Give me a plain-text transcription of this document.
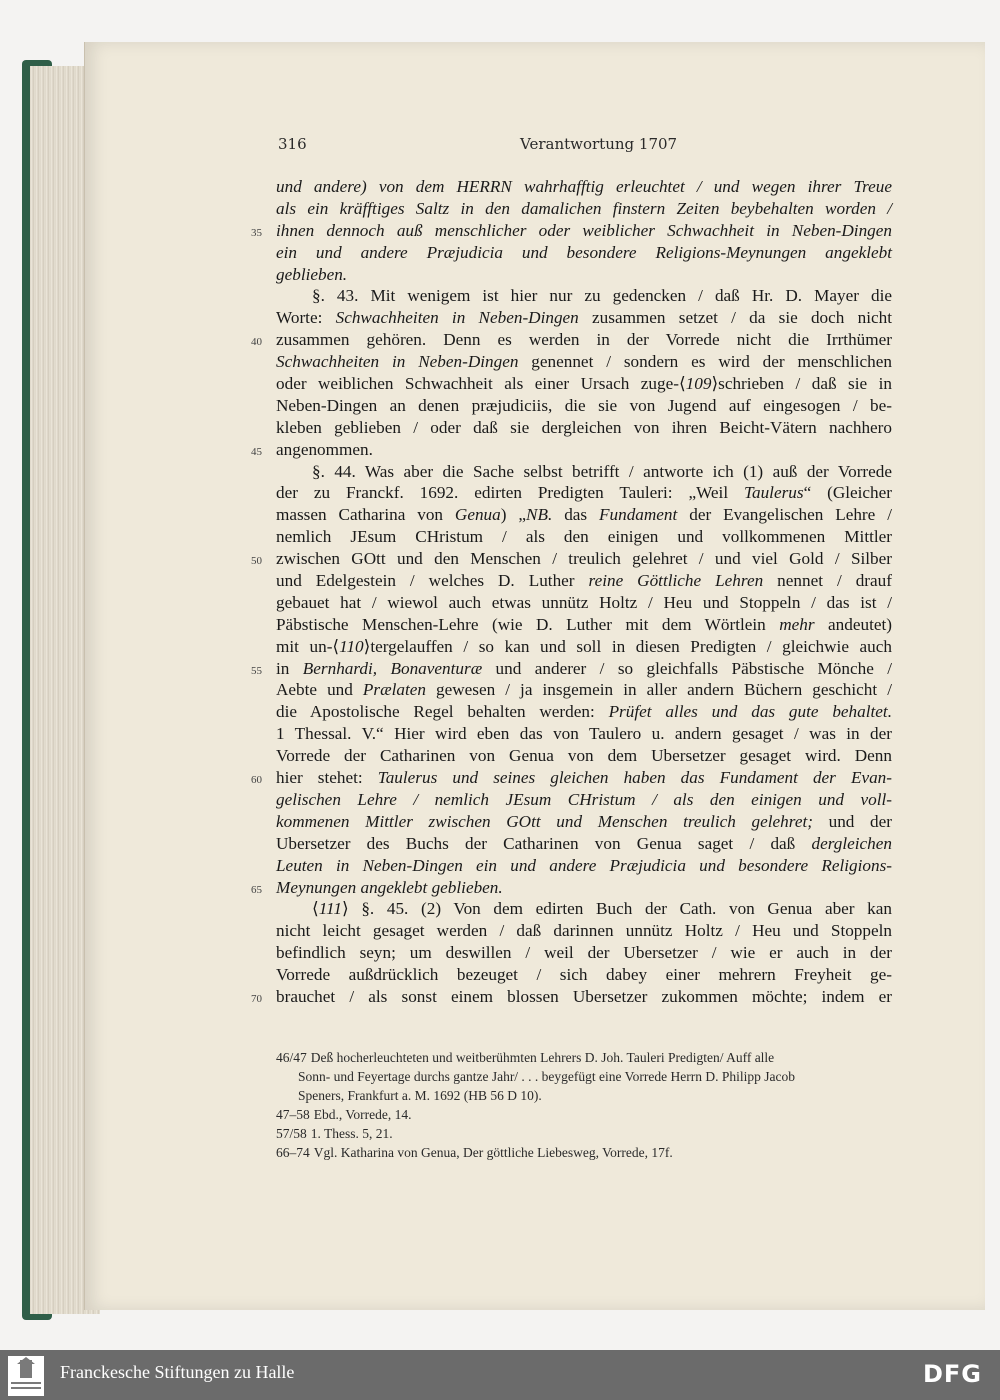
316	Verantwortung 1707
und andere) von dem HERRN wahrhafftig erleuchtet / und wegen ihrer Treue
als ein kräfftiges Saltz in den damalichen finstern Zeiten beybehalten worden /
35 ihnen dennoch auß menschlicher oder weiblicher Schwachheit in Neben-Dingen
ein und andere Præjudicia und besondere Religions-Meynungen angeklebt
geblieben.
§. 43. Mit wenigem ist hier nur zu gedencken / daß Hr. D. Mayer die
Worte: Schwachheiten in Neben-Dingen zusammen setzet / da sie doch nicht
40 zusammen gehören. Denn es werden in der Vorrede nicht die Irrthümer
Schwachheiten in Neben-Dingen genennet / sondern es wird der menschlichen
oder weiblichen Schwachheit als einer Ursach zuge-⟨109⟩schrieben / daß sie in
Neben-Dingen an denen præjudiciis, die sie von Jugend auf eingesogen / be-
kleben geblieben / oder daß sie dergleichen von ihren Beicht-Vätern nachhero
45 angenommen.
§. 44. Was aber die Sache selbst betrifft / antworte ich (1) auß der Vorrede
der zu Franckf. 1692. edirten Predigten Tauleri: „Weil Taulerus“ (Gleicher
massen Catharina von Genua) „NB. das Fundament der Evangelischen Lehre /
nemlich JEsum CHristum / als den einigen und vollkommenen Mittler
50 zwischen GOtt und den Menschen / treulich gelehret / und viel Gold / Silber
und Edelgestein / welches D. Luther reine Göttliche Lehren nennet / drauf
gebauet hat / wiewol auch etwas unnütz Holtz / Heu und Stoppeln / das ist /
Päbstische Menschen-Lehre (wie D. Luther mit dem Wörtlein mehr andeutet)
mit un-⟨110⟩tergelauffen / so kan und soll in diesen Predigten / gleichwie auch
55 in Bernhardi, Bonaventuræ und anderer / so gleichfalls Päbstische Mönche /
Aebte und Prælaten gewesen / ja insgemein in aller andern Büchern geschicht /
die Apostolische Regel behalten werden: Prüfet alles und das gute behaltet.
1 Thessal. V.“ Hier wird eben das von Taulero u. andern gesaget / was in der
Vorrede der Catharinen von Genua von dem Ubersetzer gesaget wird. Denn
60 hier stehet: Taulerus und seines gleichen haben das Fundament der Evan-
gelischen Lehre / nemlich JEsum CHristum / als den einigen und voll-
kommenen Mittler zwischen GOtt und Menschen treulich gelehret; und der
Ubersetzer des Buchs der Catharinen von Genua saget / daß dergleichen
Leuten in Neben-Dingen ein und andere Præjudicia und besondere Religions-
65 Meynungen angeklebt geblieben.
⟨111⟩ §. 45. (2) Von dem edirten Buch der Cath. von Genua aber kan
nicht leicht gesaget werden / daß darinnen unnütz Holtz / Heu und Stoppeln
befindlich seyn; um deswillen / weil der Ubersetzer / wie er auch in der
Vorrede außdrücklich bezeuget / sich dabey einer mehrern Freyheit ge-
70 brauchet / als sonst einem blossen Ubersetzer zukommen möchte; indem er
46/47 Deß hocherleuchteten und weitberühmten Lehrers D. Joh. Tauleri Predigten/ Auff alle
Sonn- und Feyertage durchs gantze Jahr/ . . . beygefügt eine Vorrede Herrn D. Philipp Jacob
Speners, Frankfurt a. M. 1692 (HB 56 D 10).
47–58 Ebd., Vorrede, 14.
57/58 1. Thess. 5, 21.
66–74 Vgl. Katharina von Genua, Der göttliche Liebesweg, Vorrede, 17f.
Franckesche Stiftungen zu Halle	DFG
